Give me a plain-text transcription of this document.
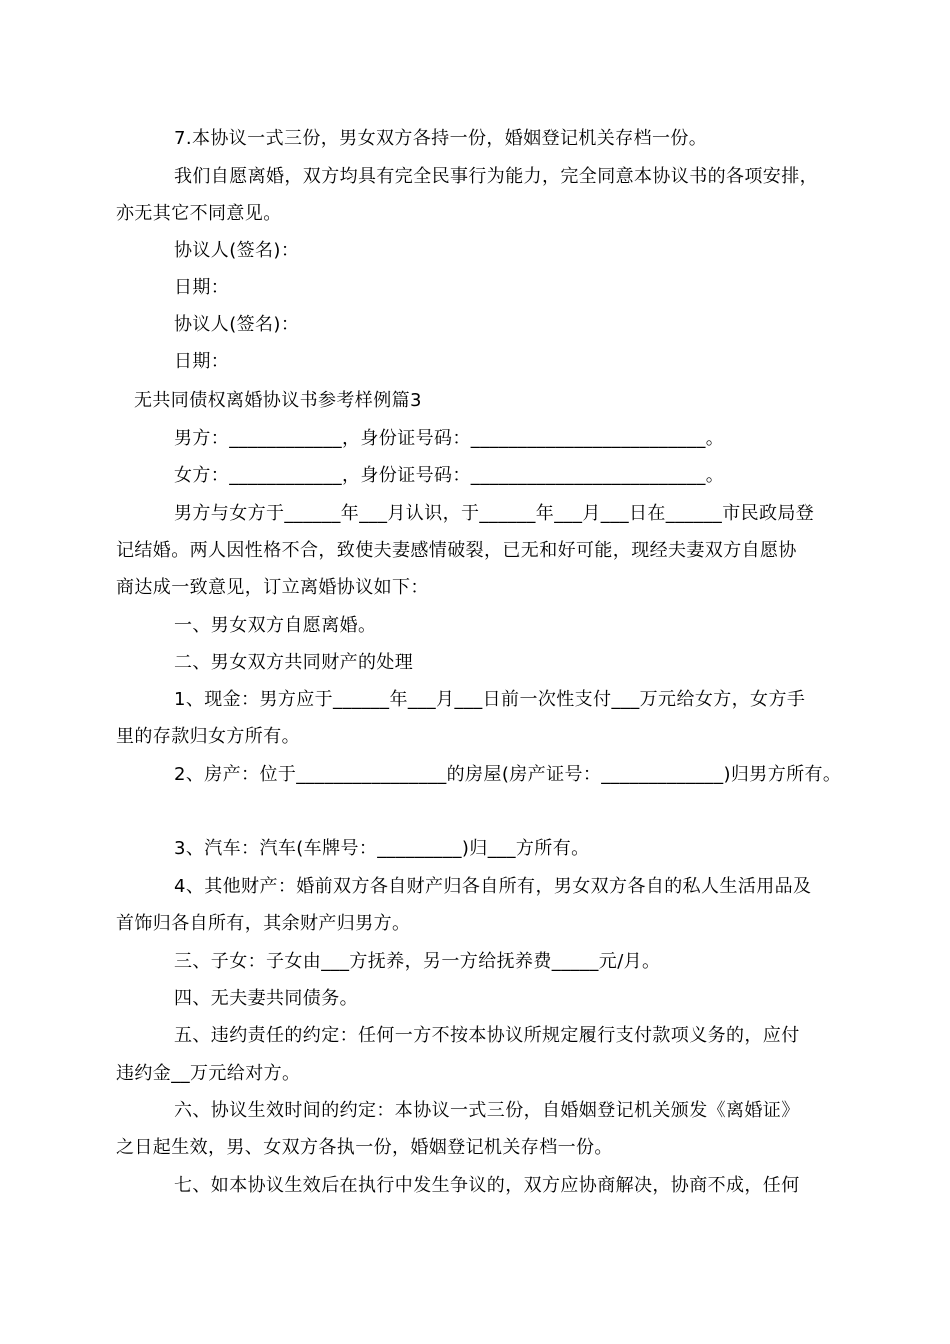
7.本协议一式三份，男女双方各持一份，婚姻登记机关存档一份。
我们自愿离婚，双方均具有完全民事行为能力，完全同意本协议书的各项安排，
亦无其它不同意见。
协议人(签名)：
日期：
协议人(签名)：
日期：
无共同债权离婚协议书参考样例篇3
男方：____________，身份证号码：_________________________。
女方：____________，身份证号码：_________________________。
男方与女方于______年___月认识，于______年___月___日在______市民政局登
记结婚。两人因性格不合，致使夫妻感情破裂，已无和好可能，现经夫妻双方自愿协
商达成一致意见，订立离婚协议如下：
一、男女双方自愿离婚。
二、男女双方共同财产的处理
1、现金：男方应于______年___月___日前一次性支付___万元给女方，女方手
里的存款归女方所有。
2、房产：位于________________的房屋(房产证号：_____________)归男方所有。
3、汽车：汽车(车牌号：_________)归___方所有。
4、其他财产：婚前双方各自财产归各自所有，男女双方各自的私人生活用品及
首饰归各自所有，其余财产归男方。
三、子女：子女由___方抚养，另一方给抚养费_____元/月。
四、无夫妻共同债务。
五、违约责任的约定：任何一方不按本协议所规定履行支付款项义务的，应付
违约金__万元给对方。
六、协议生效时间的约定：本协议一式三份，自婚姻登记机关颁发《离婚证》
之日起生效，男、女双方各执一份，婚姻登记机关存档一份。
七、如本协议生效后在执行中发生争议的，双方应协商解决，协商不成，任何
